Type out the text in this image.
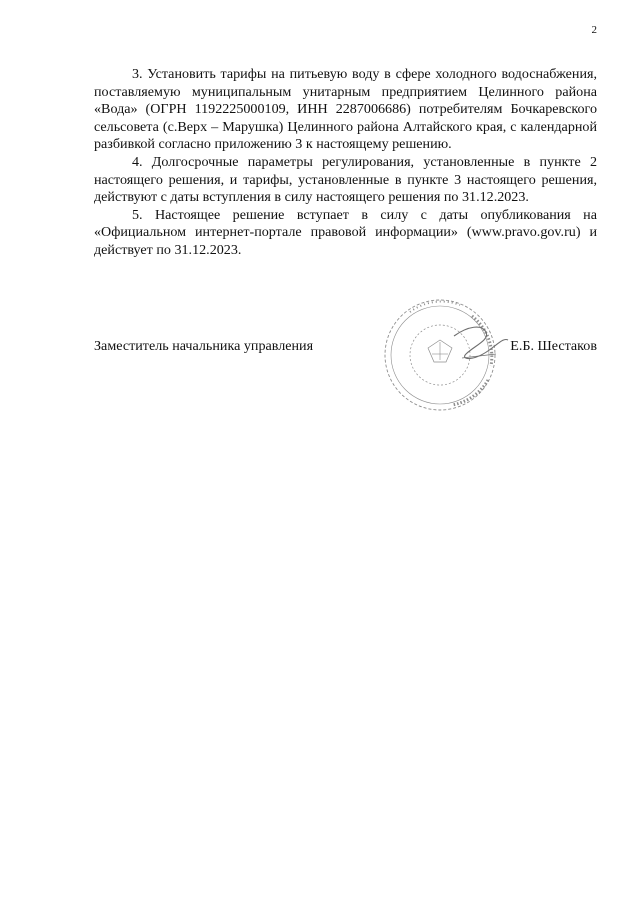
2

3. Установить тарифы на питьевую воду в сфере холодного водоснабжения, поставляемую муниципальным унитарным предприятием Целинного района «Вода» (ОГРН 1192225000109, ИНН 2287006686) потребителям Бочкаревского сельсовета (с.Верх – Марушка) Целинного района Алтайского края, с календарной разбивкой согласно приложению 3 к настоящему решению.

4. Долгосрочные параметры регулирования, установленные в пункте 2 настоящего решения, и тарифы, установленные в пункте 3 настоящего решения, действуют с даты вступления в силу настоящего решения по 31.12.2023.

5. Настоящее решение вступает в силу с даты опубликования на «Официальном интернет-портале правовой информации» (www.pravo.gov.ru) и действует по 31.12.2023.

Заместитель начальника управления	Е.Б. Шестаков
